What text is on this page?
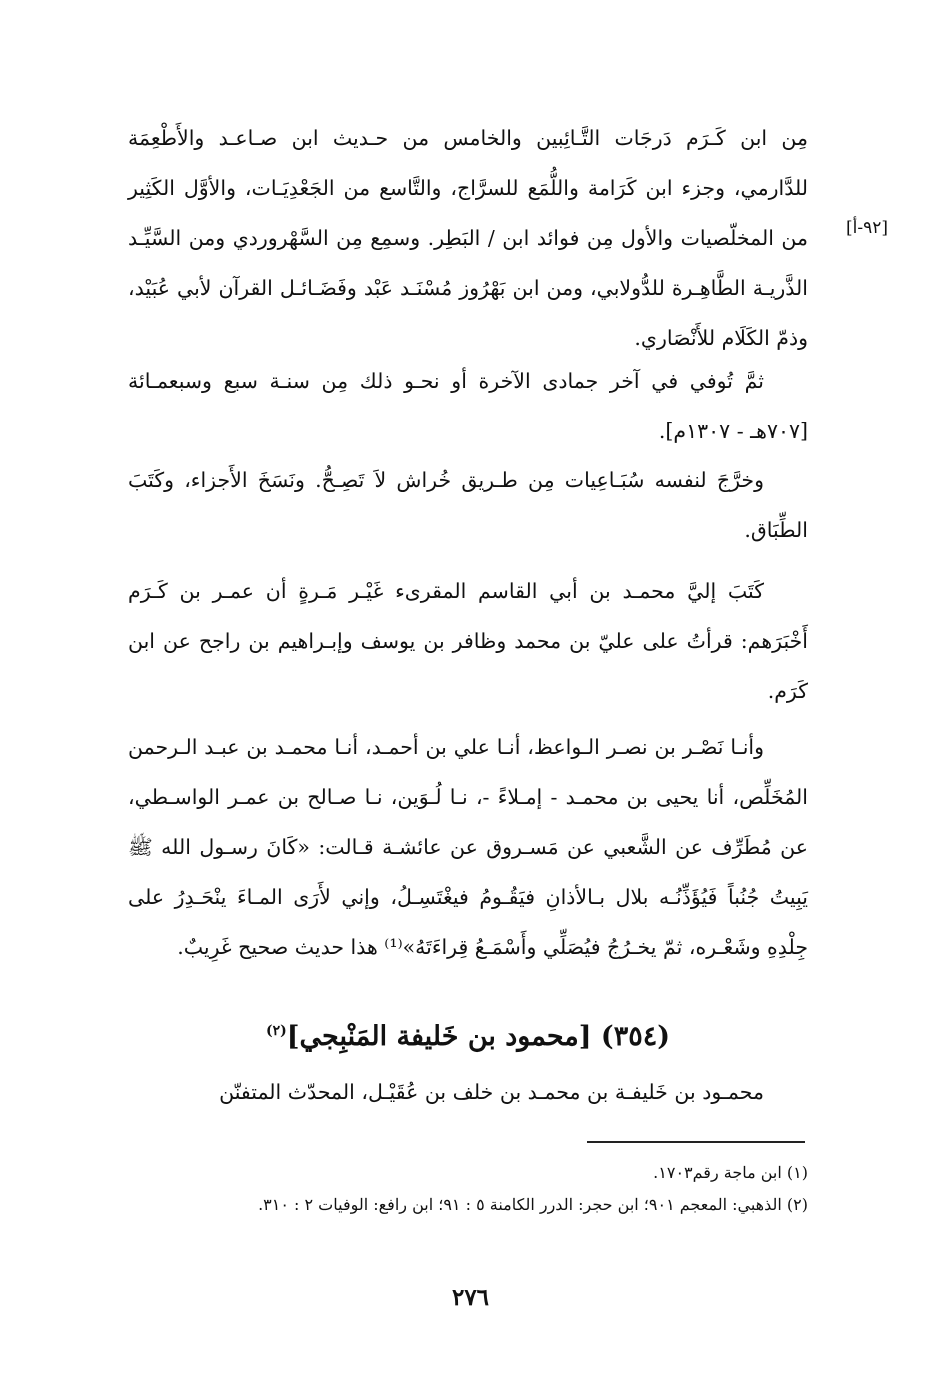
[٩٢-أ]

مِن ابن كَـرَم دَرجَات التَّـائِبين والخامس من حـديث ابن صـاعـد والأَطْعِمَة للدَّارمي، وجزء ابن كَرَامة واللُّمَع للسرَّاج، والتَّاسع من الجَعْدِيَـات، والأوَّل الكَثِير من المخلّصيات والأول مِن فوائد ابن / البَطِر. وسمِع مِن السَّهْروردي ومن السَّيِّـد الذَّريـة الطَّاهِـرة للدُّولابي، ومن ابن بَهْرُوز مُسْنَـد عَبْد وفَضَـائـل القرآن لأبي عُبَيْد، وذمّ الكَلَام للأَنْصَاري.

ثمَّ تُوفي في آخر جمادى الآخرة أو نحـو ذلك مِن سنـة سبع وسبعمـائة [٧٠٧هـ - ١٣٠٧م].

وخرَّجَ لنفسه سُبَـاعِيات مِن طـريق خُراش لاَ تَصِـحُّ. ونَسَخَ الأَجزاء، وكَتَبَ الطِّبَاق.

كَتَبَ إليَّ محمـد بن أبي القاسم المقرىء غَيْـر مَـرةٍ أن عمـر بن كَـرَم أَخْبَرَهم: قرأتُ على عليّ بن محمد وظافر بن يوسف وإبـراهيم بن راجح عن ابن كَرَم.

وأنـا نَصْـر بن نصـر الـواعظ، أنـا علي بن أحمـد، أنـا محمـد بن عبـد الـرحمن المُخَلِّص، أنا يحيى بن محمـد - إمـلاءً -، نـا لُـوَين، نـا صـالح بن عمـر الواسـطي، عن مُطَرِّف عن الشَّعبي عن مَسـروق عن عائشـة قـالت: «كَانَ رسـول الله ﷺ يَبِيتُ جُنُباً فَيُؤَذِّنُـه بلال بـالأذانِ فيَقُـومُ فيغْتَسِـلُ، وإني لأَرَى المـاءَ ينْحَـدِرُ على جِلْدِهِ وشَعْـره، ثمّ يخـرُجُ فيُصَلِّي وأَسْمَـعُ قِراءَتَهُ»⁽¹⁾ هذا حديث صحيح غَرِيبٌ.

(٣٥٤) [محمود بن خَليفة المَنْبِجي]$^{(٢)}$

محمـود بن خَليفـة بن محمـد بن خلف بن عُقَيْـل، المحدّث المتفنّن

(١) ابن ماجة رقم١٧٠٣.

(٢) الذهبي: المعجم ٩٠١؛ ابن حجر: الدرر الكامنة ٥ : ٩١؛ ابن رافع: الوفيات ٢ : ٣١٠.

٢٧٦
